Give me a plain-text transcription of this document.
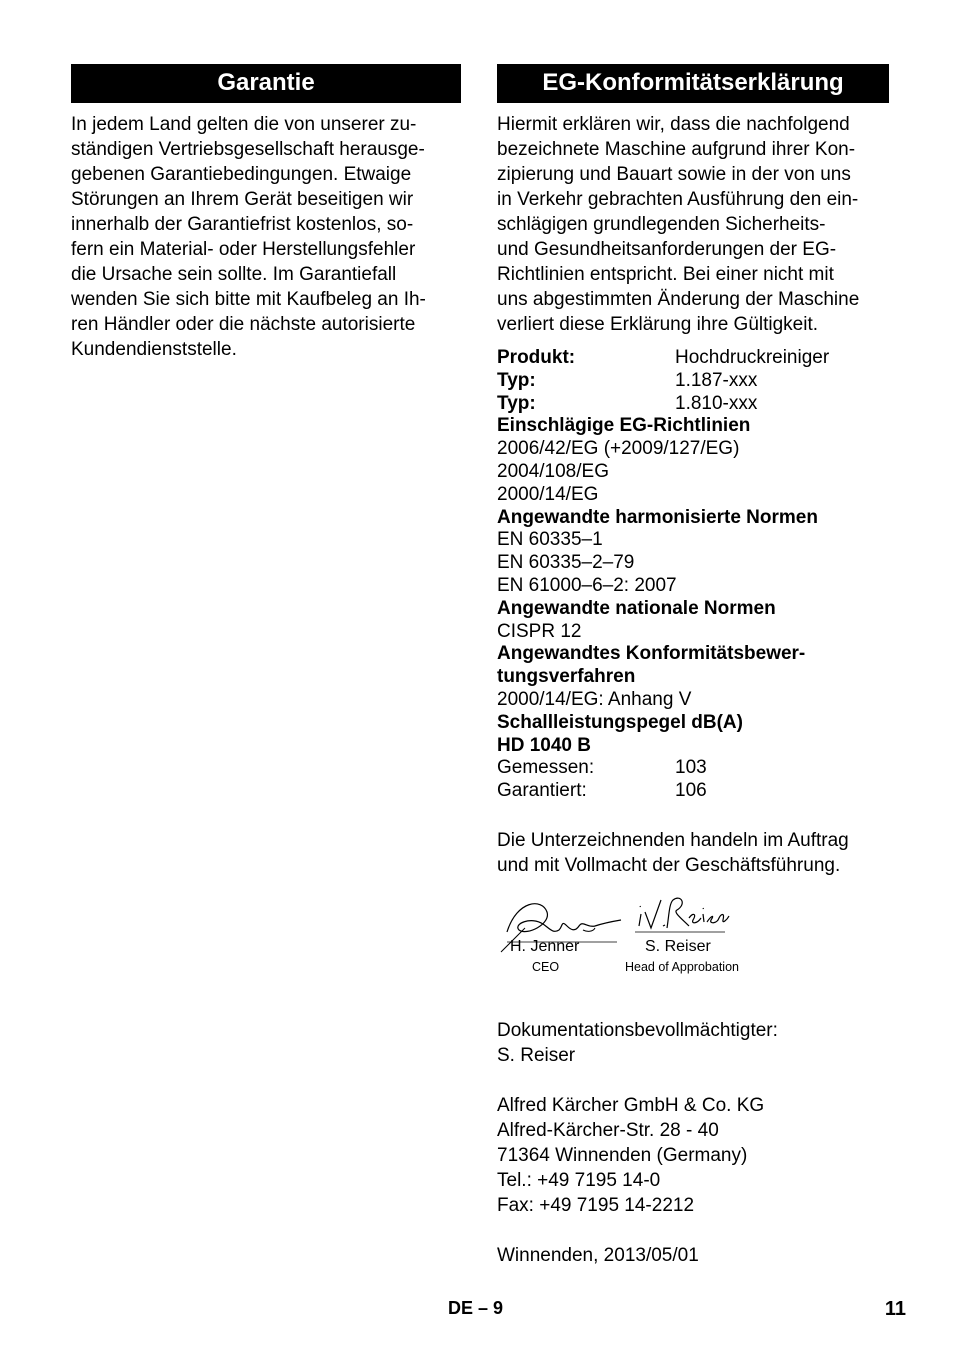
Garantie
In jedem Land gelten die von unserer zu-
ständigen Vertriebsgesellschaft herausge-
gebenen Garantiebedingungen. Etwaige
Störungen an Ihrem Gerät beseitigen wir
innerhalb der Garantiefrist kostenlos, so-
fern ein Material- oder Herstellungsfehler
die Ursache sein sollte. Im Garantiefall
wenden Sie sich bitte mit Kaufbeleg an Ih-
ren Händler oder die nächste autorisierte
Kundendienststelle.
EG-Konformitätserklärung
Hiermit erklären wir, dass die nachfolgend
bezeichnete Maschine aufgrund ihrer Kon-
zipierung und Bauart sowie in der von uns
in Verkehr gebrachten Ausführung den ein-
schlägigen grundlegenden Sicherheits-
und Gesundheitsanforderungen der EG-
Richtlinien entspricht. Bei einer nicht mit
uns abgestimmten Änderung der Maschine
verliert diese Erklärung ihre Gültigkeit.
Produkt:	Hochdruckreiniger
Typ:	1.187-xxx
Typ:	1.810-xxx
Einschlägige EG-Richtlinien
2006/42/EG (+2009/127/EG)
2004/108/EG
2000/14/EG
Angewandte harmonisierte Normen
EN 60335–1
EN 60335–2–79
EN 61000–6–2: 2007
Angewandte nationale Normen
CISPR 12
Angewandtes Konformitätsbewer-
tungsverfahren
2000/14/EG: Anhang V
Schallleistungspegel dB(A)
HD 1040 B
Gemessen:	103
Garantiert:	106
Die Unterzeichnenden handeln im Auftrag
und mit Vollmacht der Geschäftsführung.
H. Jenner
CEO
S. Reiser
Head of Approbation
Dokumentationsbevollmächtigter:
S. Reiser
Alfred Kärcher GmbH & Co. KG
Alfred-Kärcher-Str. 28 - 40
71364 Winnenden (Germany)
Tel.: +49 7195 14-0
Fax: +49 7195 14-2212
Winnenden, 2013/05/01
DE – 9	11
